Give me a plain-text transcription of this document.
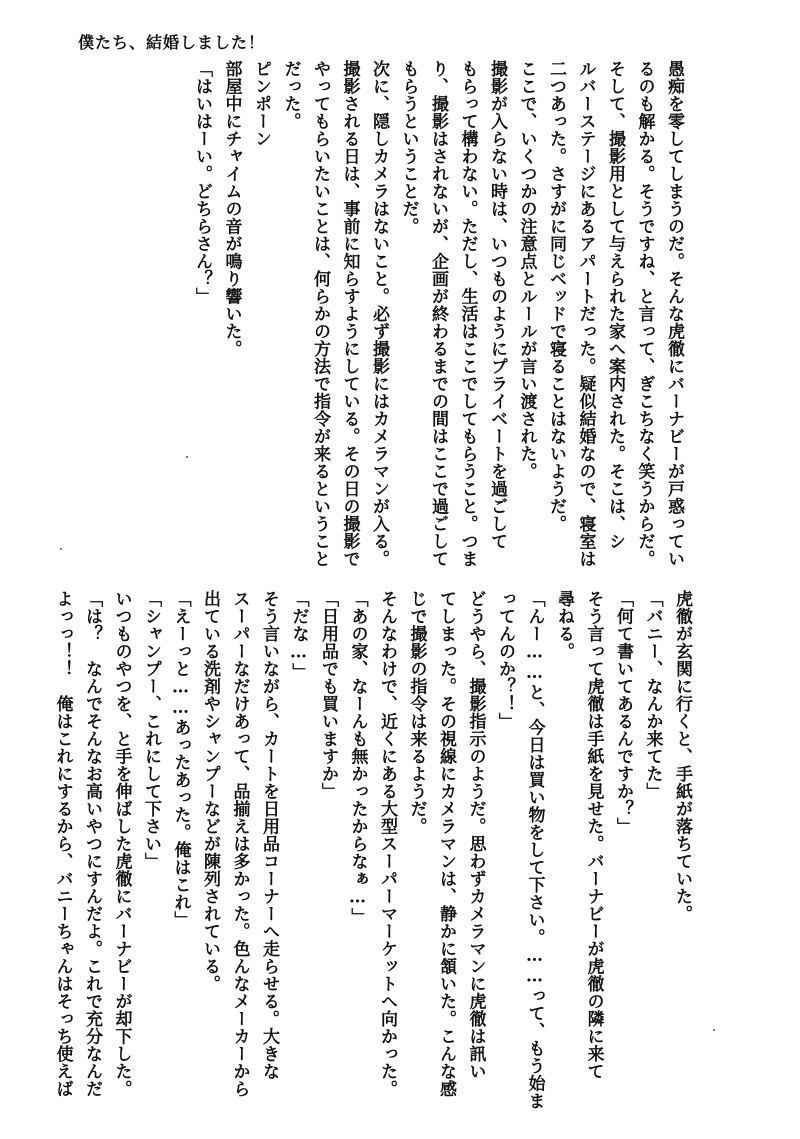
僕たち、結婚しました！

愚痴を零してしまうのだ。そんな虎徹にバーナビーが戸惑ってい

るのも解かる。そうですね、と言って、ぎこちなく笑うからだ。

そして、撮影用として与えられた家へ案内された。そこは、シ

ルバーステージにあるアパートだった。疑似結婚なので、寝室は

二つあった。さすがに同じベッドで寝ることはないようだ。

ここで、いくつかの注意点とルールが言い渡された。

撮影が入らない時は、いつものようにプライベートを過ごして

もらって構わない。ただし、生活はここでしてもらうこと。つま

り、撮影はされないが、企画が終わるまでの間はここで過ごして

もらうということだ。

次に、隠しカメラはないこと。必ず撮影にはカメラマンが入る。

撮影される日は、事前に知らすようにしている。その日の撮影で

やってもらいたいことは、何らかの方法で指令が来るということ

だった。

ピンポーン

部屋中にチャイムの音が鳴り響いた。

「はいはーい。どちらさん？」

虎徹が玄関に行くと、手紙が落ちていた。

「バニー、なんか来てた」

「何て書いてあるんですか？」

そう言って虎徹は手紙を見せた。バーナビーが虎徹の隣に来て

尋ねる。

「んー……と、今日は買い物をして下さい。……って、もう始ま

ってんのか？！」

どうやら、撮影指示のようだ。思わずカメラマンに虎徹は訊い

てしまった。その視線にカメラマンは、静かに頷いた。こんな感

じで撮影の指令は来るようだ。

そんなわけで、近くにある大型スーパーマーケットへ向かった。

「あの家、なーんも無かったからなぁ…」

「日用品でも買いますか」

「だな…」

そう言いながら、カートを日用品コーナーへ走らせる。大きな

スーパーなだけあって、品揃えは多かった。色んなメーカーから

出ている洗剤やシャンプーなどが陳列されている。

「えーっと……あったあった。俺はこれ」

「シャンプー、これにして下さい」

いつものやつを、と手を伸ばした虎徹にバーナビーが却下した。

「は？　なんでそんなお高いやつにすんだよ。これで充分なんだ

よっっ！！　俺はこれにするから、バニーちゃんはそっち使えば
